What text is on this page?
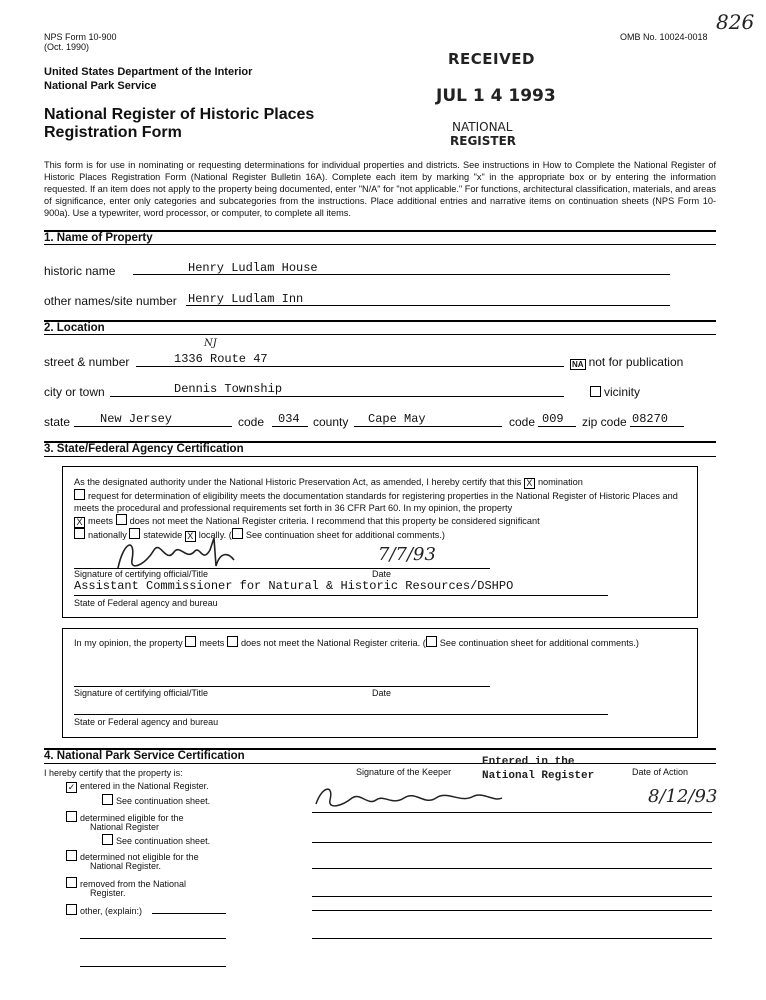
NPS Form 10-900
(Oct. 1990)
OMB No. 10024-0018
826
United States Department of the Interior
National Park Service
National Register of Historic Places
Registration Form
RECEIVED
JUL 1 4 1993
NATIONAL
REGISTER
This form is for use in nominating or requesting determinations for individual properties and districts. See instructions in How to Complete the National Register of Historic Places Registration Form (National Register Bulletin 16A). Complete each item by marking "x" in the appropriate box or by entering the information requested. If an item does not apply to the property being documented, enter "N/A" for "not applicable." For functions, architectural classification, materials, and areas of significance, enter only categories and subcategories from the instructions. Place additional entries and narrative items on continuation sheets (NPS Form 10-900a). Use a typewriter, word processor, or computer, to complete all items.
1. Name of Property
historic name	Henry Ludlam House
other names/site number Henry Ludlam Inn
2. Location
street & number	1336 Route 47
NJ
NA not for publication
city or town	Dennis Township	vicinity
state New Jersey	code 034 county Cape May	code 009 zip code 08270
3. State/Federal Agency Certification
As the designated authority under the National Historic Preservation Act, as amended, I hereby certify that this X nomination
request for determination of eligibility meets the documentation standards for registering properties in the National Register of Historic Places and meets the procedural and professional requirements set forth in 36 CFR Part 60. In my opinion, the property
X meets does not meet the National Register criteria. I recommend that this property be considered significant
nationally statewide X locally. ( See continuation sheet for additional comments.)
7/7/93
Signature of certifying official/Title	Date
Assistant Commissioner for Natural & Historic Resources/DSHPO
State of Federal agency and bureau
In my opinion, the property meets does not meet the National Register criteria. ( See continuation sheet for additional comments.)
Signature of certifying official/Title	Date
State or Federal agency and bureau
4. National Park Service Certification
I hereby certify that the property is:	Signature of the Keeper	Date of Action
Entered in the
National Register
8/12/93
✓ entered in the National Register.
See continuation sheet.
determined eligible for the
National Register
See continuation sheet.
determined not eligible for the
National Register.
removed from the National
Register.
other, (explain:)
